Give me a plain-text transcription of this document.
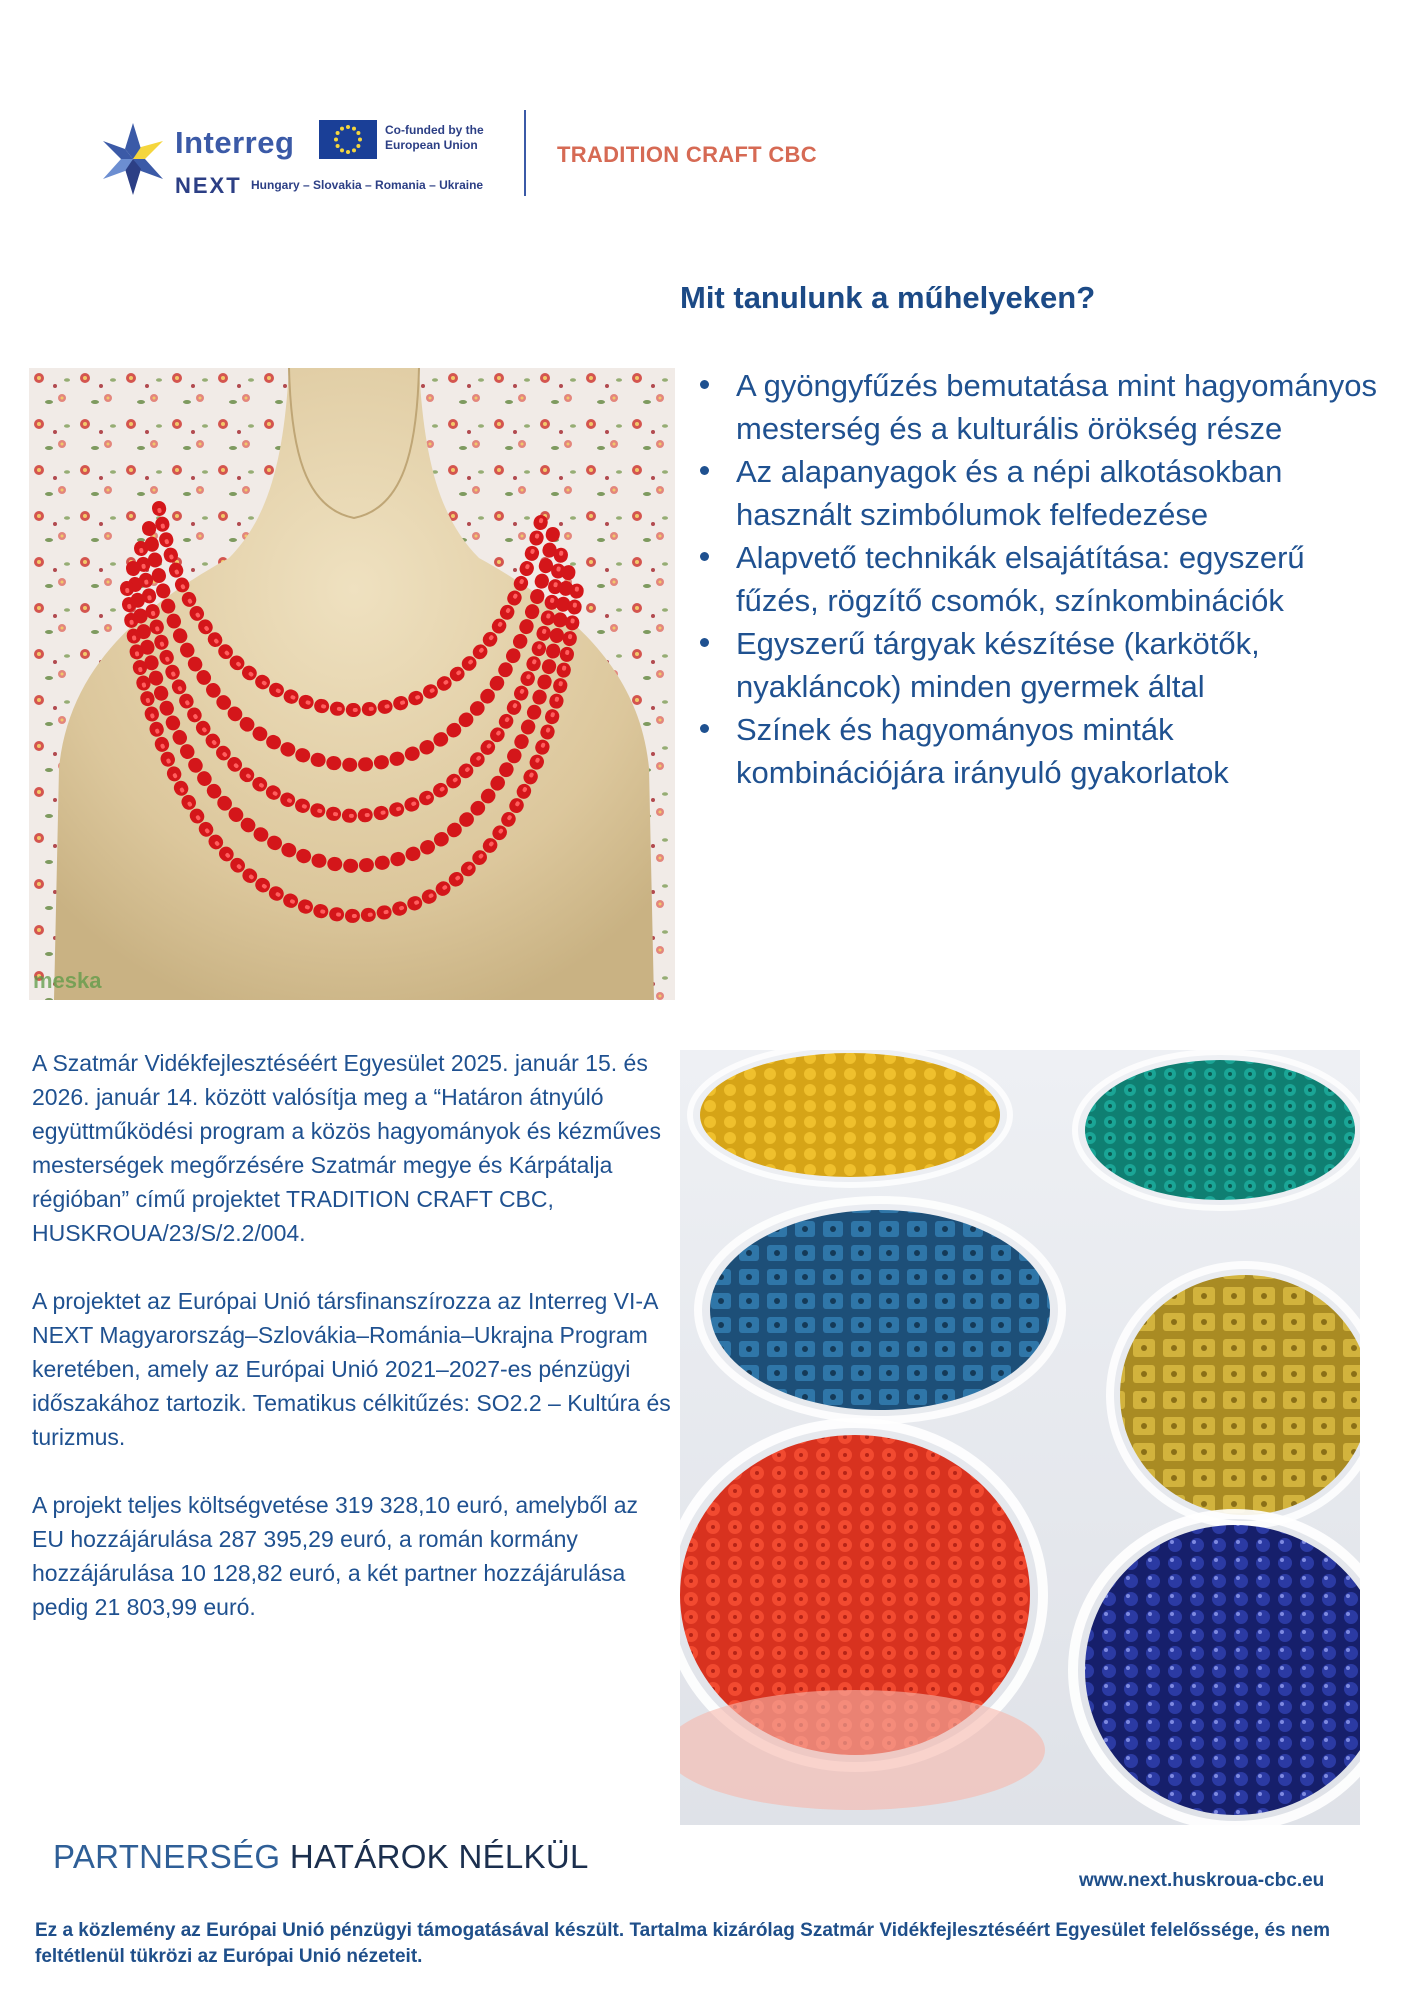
Interreg
NEXT Hungary – Slovakia – Romania – Ukraine
Co-funded by the European Union	TRADITION CRAFT CBC
Mit tanulunk a műhelyeken?
meska
A gyöngyfűzés bemutatása mint hagyományos mesterség és a kulturális örökség része
Az alapanyagok és a népi alkotásokban használt szimbólumok felfedezése
Alapvető technikák elsajátítása: egyszerű fűzés, rögzítő csomók, színkombinációk
Egyszerű tárgyak készítése (karkötők, nyakláncok) minden gyermek által
Színek és hagyományos minták kombinációjára irányuló gyakorlatok

A Szatmár Vidékfejlesztéséért Egyesület 2025. január 15. és 2026. január 14. között valósítja meg a “Határon átnyúló együttműködési program a közös hagyományok és kézműves mesterségek megőrzésére Szatmár megye és Kárpátalja régióban” című projektet TRADITION CRAFT CBC, HUSKROUA/23/S/2.2/004.

A projektet az Európai Unió társfinanszírozza az Interreg VI-A NEXT Magyarország–Szlovákia–Románia–Ukrajna Program keretében, amely az Európai Unió 2021–2027-es pénzügyi időszakához tartozik. Tematikus célkitűzés: SO2.2 – Kultúra és turizmus.

A projekt teljes költségvetése 319 328,10 euró, amelyből az EU hozzájárulása 287 395,29 euró, a román kormány hozzájárulása 10 128,82 euró, a két partner hozzájárulása pedig 21 803,99 euró.

PARTNERSÉG HATÁROK NÉLKÜL
www.next.huskroua-cbc.eu
Ez a közlemény az Európai Unió pénzügyi támogatásával készült. Tartalma kizárólag Szatmár Vidékfejlesztéséért Egyesület felelőssége, és nem feltétlenül tükrözi az Európai Unió nézeteit.
